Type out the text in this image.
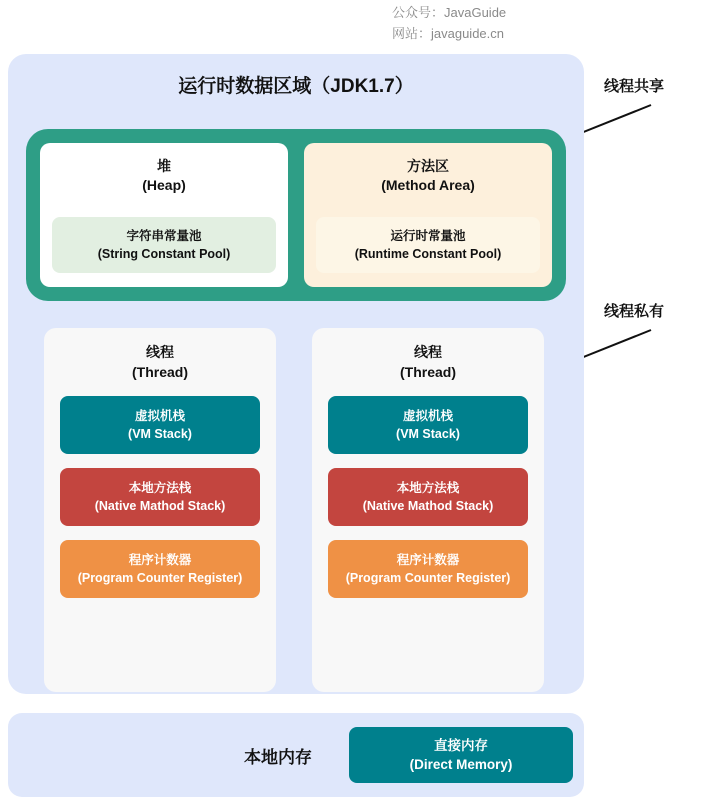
公众号：JavaGuide
网站：javaguide.cn
线程共享
线程私有
运行时数据区域（JDK1.7）
堆
(Heap)
字符串常量池
(String Constant Pool)
方法区
(Method Area)
运行时常量池
(Runtime Constant Pool)
线程
(Thread)
虚拟机栈
(VM Stack)
本地方法栈
(Native Mathod Stack)
程序计数器
(Program Counter Register)
线程
(Thread)
虚拟机栈
(VM Stack)
本地方法栈
(Native Mathod Stack)
程序计数器
(Program Counter Register)
本地内存
直接内存
(Direct Memory)
